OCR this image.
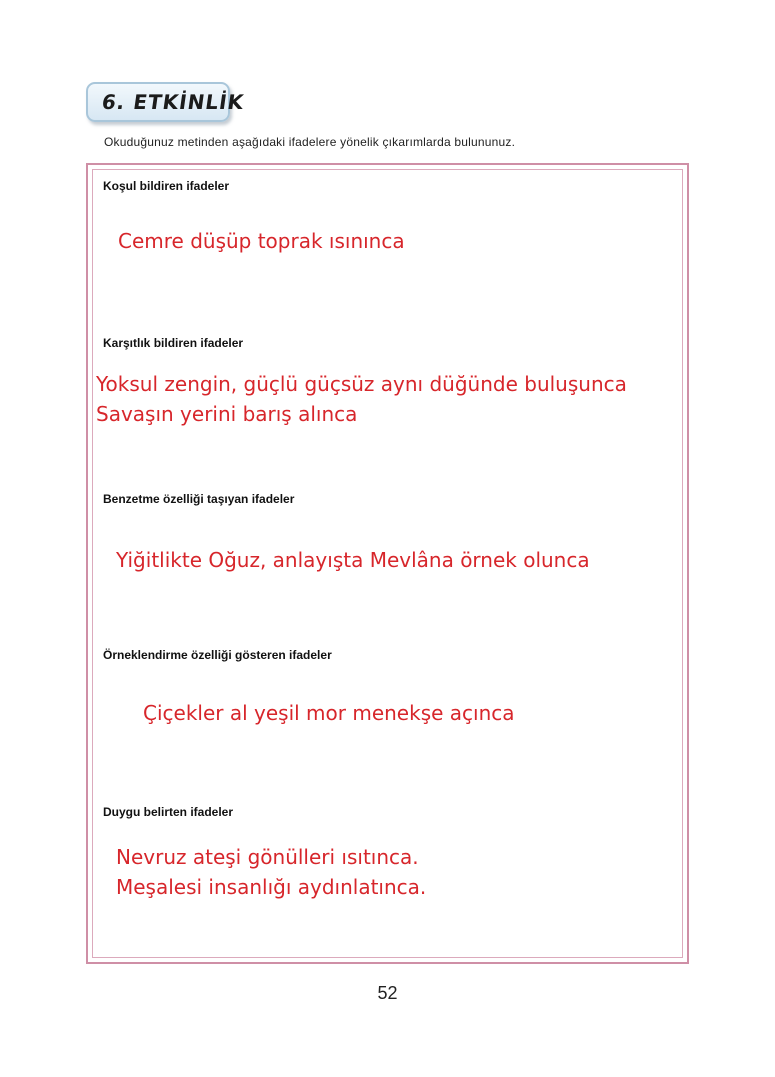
6. ETKİNLİK
Okuduğunuz metinden aşağıdaki ifadelere yönelik çıkarımlarda bulununuz.
Koşul bildiren ifadeler
Cemre düşüp toprak ısınınca
Karşıtlık bildiren ifadeler
Yoksul zengin, güçlü güçsüz aynı düğünde buluşunca
Savaşın yerini barış alınca
Benzetme özelliği taşıyan ifadeler
Yiğitlikte Oğuz, anlayışta Mevlâna örnek olunca
Örneklendirme özelliği gösteren ifadeler
Çiçekler al yeşil mor menekşe açınca
Duygu belirten ifadeler
Nevruz ateşi gönülleri ısıtınca.
Meşalesi insanlığı aydınlatınca.
52
